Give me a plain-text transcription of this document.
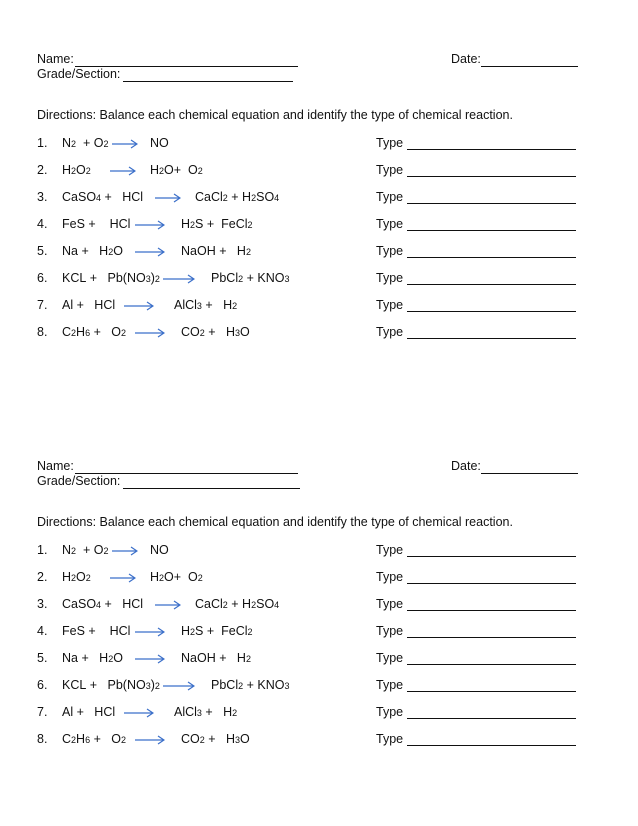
Name:	Date:
Grade/Section:
Directions: Balance each chemical equation and identify the type of chemical reaction.
1. N2  + O2 → NO	Type
2. H2O2 → H2O+  O2	Type
3. CaSO4 +   HCl → CaCl2 + H2SO4	Type
4. FeS +    HCl → H2S +  FeCl2	Type
5. Na +   H2O → NaOH +   H2	Type
6. KCL +   Pb(NO3)2 → PbCl2 + KNO3	Type
7. Al +   HCl → AlCl3 +   H2	Type
8. C2H6 +   O2 → CO2 +   H3O	Type
Name:	Date:
Grade/Section:
Directions: Balance each chemical equation and identify the type of chemical reaction.
1. N2  + O2 → NO	Type
2. H2O2 → H2O+  O2	Type
3. CaSO4 +   HCl → CaCl2 + H2SO4	Type
4. FeS +    HCl → H2S +  FeCl2	Type
5. Na +   H2O → NaOH +   H2	Type
6. KCL +   Pb(NO3)2 → PbCl2 + KNO3	Type
7. Al +   HCl → AlCl3 +   H2	Type
8. C2H6 +   O2 → CO2 +   H3O	Type
